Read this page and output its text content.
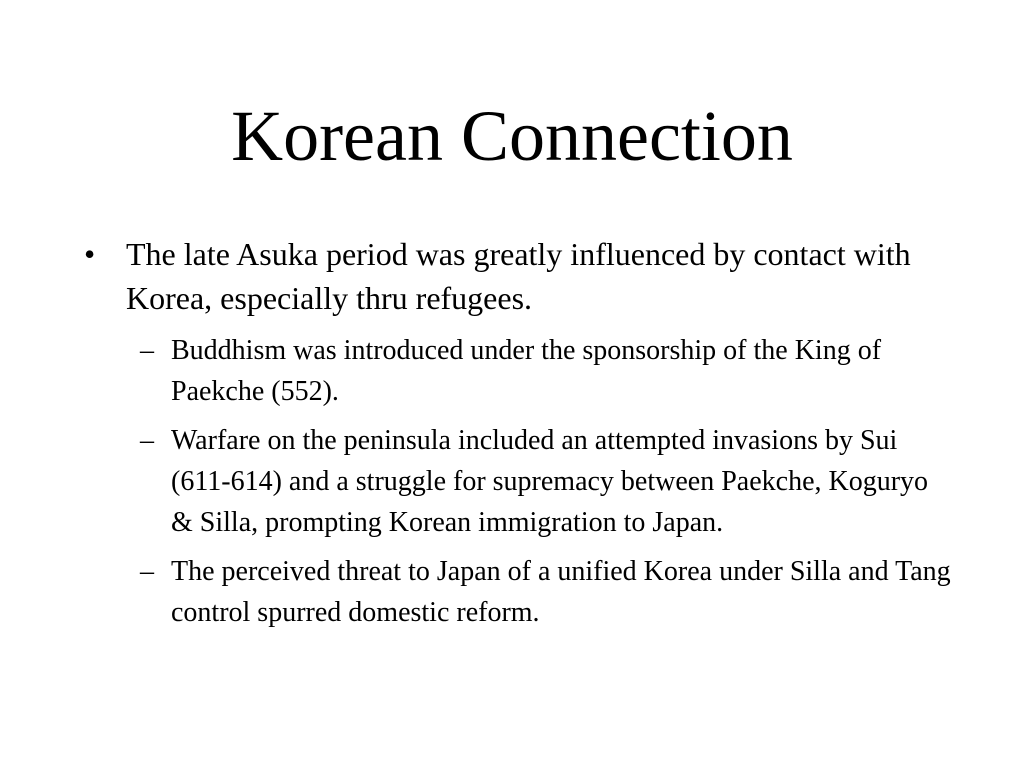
Korean Connection
• The late Asuka period was greatly influenced by contact with Korea, especially thru refugees.
– Buddhism was introduced under the sponsorship of the King of Paekche (552).
– Warfare on the peninsula included an attempted invasions by Sui (611-614) and a struggle for supremacy between Paekche, Koguryo & Silla, prompting Korean immigration to Japan.
– The perceived threat to Japan of a unified Korea under Silla and Tang control spurred domestic reform.
